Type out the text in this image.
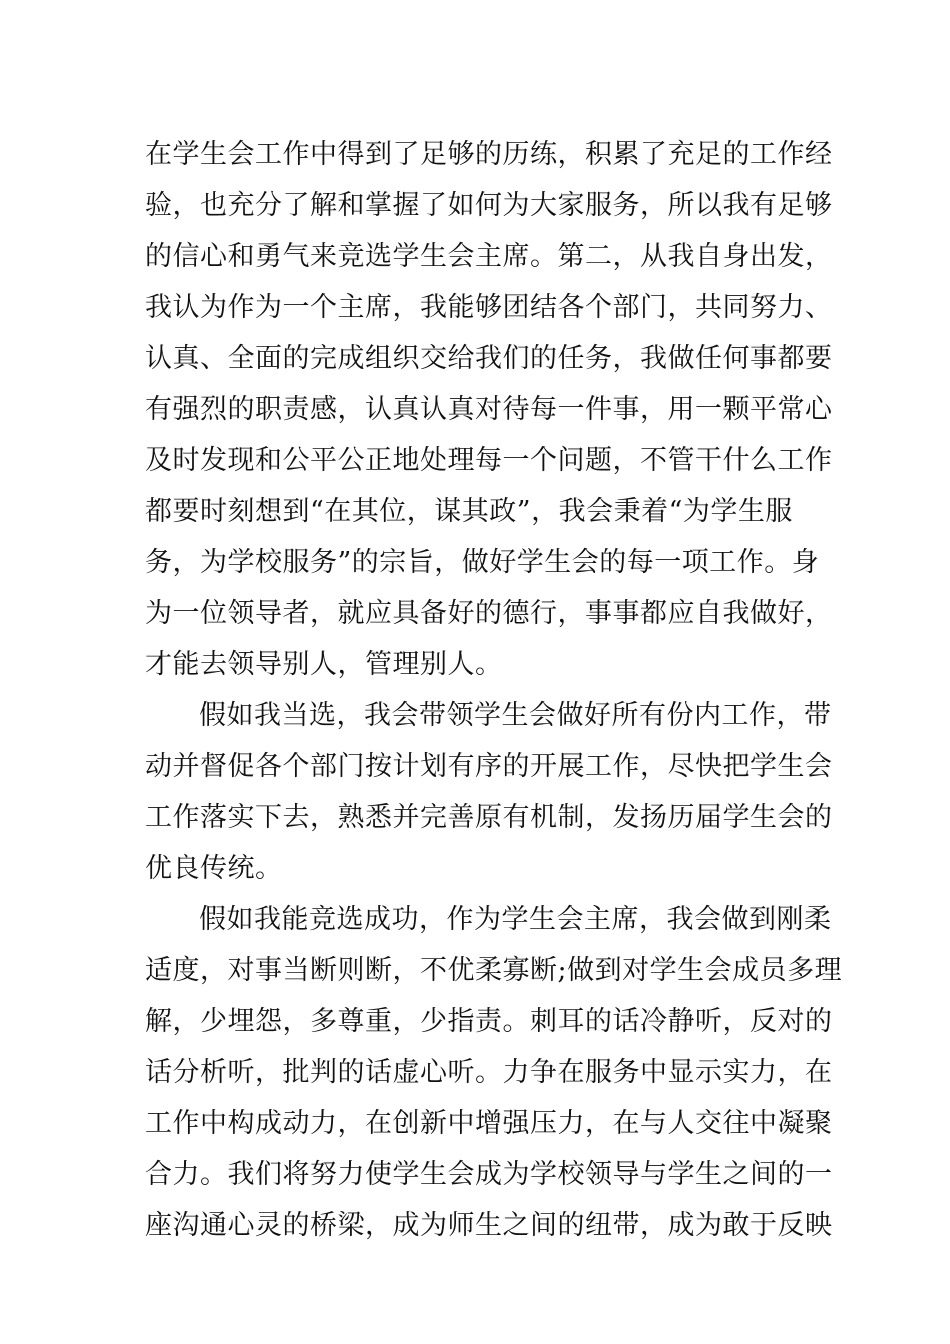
在学生会工作中得到了足够的历练，积累了充足的工作经
验，也充分了解和掌握了如何为大家服务，所以我有足够
的信心和勇气来竞选学生会主席。第二，从我自身出发，
我认为作为一个主席，我能够团结各个部门，共同努力、
认真、全面的完成组织交给我们的任务，我做任何事都要
有强烈的职责感，认真认真对待每一件事，用一颗平常心
及时发现和公平公正地处理每一个问题，不管干什么工作
都要时刻想到“在其位，谋其政”，我会秉着“为学生服
务，为学校服务”的宗旨，做好学生会的每一项工作。身
为一位领导者，就应具备好的德行，事事都应自我做好，
才能去领导别人，管理别人。
假如我当选，我会带领学生会做好所有份内工作，带
动并督促各个部门按计划有序的开展工作，尽快把学生会
工作落实下去，熟悉并完善原有机制，发扬历届学生会的
优良传统。
假如我能竞选成功，作为学生会主席，我会做到刚柔
适度，对事当断则断，不优柔寡断;做到对学生会成员多理
解，少埋怨，多尊重，少指责。刺耳的话冷静听，反对的
话分析听，批判的话虚心听。力争在服务中显示实力，在
工作中构成动力，在创新中增强压力，在与人交往中凝聚
合力。我们将努力使学生会成为学校领导与学生之间的一
座沟通心灵的桥梁，成为师生之间的纽带，成为敢于反映
